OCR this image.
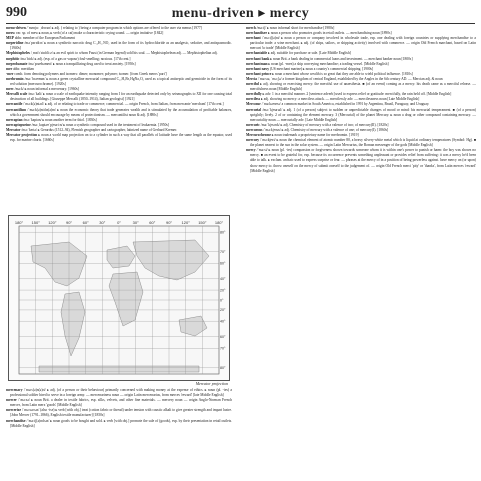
990	menu-driven ▸ mercy

menu-driven /ˈmɛnjuː ˌdrɪvən/ ▸ adj. ( relating to ) being a computer program in which options are offered to the user via menus [1977]

meow var. sp. of mew ▸ noun, ▸ verb (of a cat) make a characteristic crying sound. — origin imitative [1842]

MEP abbr. member of the European Parliament

meperidine /məˈpɛrɪdiːn/ ▸ noun a synthetic narcotic drug C₁₅H₂₁NO₂ used in the form of its hydrochloride as an analgesic, sedative, and antispasmodic. [1940s]

Mephistopheles /ˌmɛfɪˈstɒfɪliːz/ ▸ an evil spirit to whom Faust (in German legend) sold his soul. — Mephistophelean adj. — Mephistophelian adj.

mephitic /məˈfɪtɪk/ ▸ adj. (esp. of a gas or vapour) foul-smelling; noxious. [17th cent.]

meprobamate /məˈprəʊbəmeɪt/ ▸ noun a tranquillizing drug used to treat anxiety. [1950s]

mer abbr. meridian

-mer comb. form denoting polymers and isomers: dimer; monomer; polymer; isomer. [from Greek meros 'part']

merbromin /məːˈbrəʊmɪn/ ▸ noun a green crystalline mercurial compound C₂₀H₈Br₂HgNa₂O₆ used as a topical antiseptic and germicide in the form of its red solution (mercurochrome). [1920s]

merc /məːk/ ▸ noun informal a mercenary. [1960s]

Mercalli scale /məːˈkali/ ▸ noun a scale of earthquake intensity ranging from I for an earthquake detected only by seismographs to XII for one causing total destruction of all buildings. [Giuseppe Mercalli (1850–1914), Italian geologist] [1921]

mercantile /ˈməːk(ə)ntʌɪl/ ▸ adj. of or relating to trade or commerce; commercial. — origin French, from Italian, from mercante 'merchant' [17th cent.]

mercantilism /ˈməːk(ə)ntɪlɪz(ə)m/ ▸ noun the economic theory that trade generates wealth and is stimulated by the accumulation of profitable balances, which a government should encourage by means of protectionism. — mercantilist noun & adj. [1880s]

mercaptan /məːˈkaptan/ ▸ noun another term for thiol. [1830s]

mercaptopurine /məːˌkaptəʊˈpjʊəriːn/ ▸ noun a synthetic compound used in the treatment of leukaemia. [1950s]

Mercator /məːˈkeɪtə/ ▸ Gerardus (1512–94), Flemish geographer and cartographer, latinized name of Gerhard Kremer.

Mercator projection ▸ noun a world map projection on to a cylinder in such a way that all parallels of latitude have the same length as the equator, used esp. for marine charts. [1660s]

180° 150° 120° 90°	60°	30°	0°	30°	60°	90° 120° 150° 180°
80°
70°
60°
40°
20°
0°
20°
40°
60°
70°
80°
Mercator projection

mercenary /ˈməːs(ə)n(ə)ri/ ▸ adj. (of a person or their behaviour) primarily concerned with making money at the expense of ethics. ▸ noun (pl. -ies) a professional soldier hired to serve in a foreign army. — mercenariness noun — origin Latin mercenarius, from merces 'reward' [late Middle English]

mercer /ˈməːsə/ ▸ noun Brit. a dealer in textile fabrics, esp. silks, velvets, and other fine materials. — mercery noun — origin Anglo-Norman French mercer, from Latin merx 'goods' [Middle English]

mercerize /ˈməːsərʌɪz/ (also -ise) ▸ verb [with obj.] treat (cotton fabric or thread) under tension with caustic alkali to give greater strength and impart lustre. [John Mercer (1791–1866), English textile manufacturer] [1850s]

merchandise /ˈməːtʃ(ə)ndʌɪz/ ▸ noun goods to be bought and sold. ▸ verb [with obj.] promote the sale of (goods), esp. by their presentation in retail outlets. [Middle English]

merch /məːtʃ/ ▸ noun informal short for merchandise [1980s]

merchandiser ▸ noun a person who promotes goods in retail outlets. — merchandising noun [1890s]

merchant /ˈməːtʃ(ə)nt/ ▸ noun a person or company involved in wholesale trade, esp. one dealing with foreign countries or supplying merchandise to a particular trade: a wine merchant. ▸ adj. (of ships, sailors, or shipping activity) involved with commerce. — origin Old French marchant, based on Latin mercari 'to trade' [Middle English]

merchantable ▸ adj. suitable for purchase or sale. [Late Middle English]

merchant bank ▸ noun Brit. a bank dealing in commercial loans and investment. — merchant banker noun [1800s]

merchantman ▸ noun (pl. -men) a ship conveying merchandise; a trading vessel. [Middle English]

merchant navy (US merchant marine) ▸ noun a country's commercial shipping. [1900s]

merchant prince ▸ noun a merchant whose wealth is so great that they are able to wield political influence. [1810s]

Mercia /ˈməːsɪə, ˈməːʃə/ a former kingdom of central England, established by the Angles in the 6th century AD. — Mercian adj. & noun

merciful ▸ adj. showing or exercising mercy: the merciful use of anaesthesia. ■ (of an event) coming as a mercy: his death came as a merciful release. — mercifulness noun [Middle English]

mercifully ▸ adv. 1 in a merciful manner. 2 [sentence adverb] used to express relief or gratitude: mercifully, the rain held off. [Middle English]

merciless ▸ adj. showing no mercy: a merciless attack. — mercilessly adv. — mercilessness noun [Late Middle English]

Mercosur /ˈməːkəʊsʊə/ a common market in South America, established in 1991 by Argentina, Brazil, Paraguay, and Uruguay.

mercurial /məːˈkjʊərɪəl/ ▸ adj. 1 (of a person) subject to sudden or unpredictable changes of mood or mind: his mercurial temperament. ■ (of a person) sprightly; lively. 2 of or containing the element mercury. 3 (Mercurial) of the planet Mercury. ▸ noun a drug or other compound containing mercury. — mercuriality noun — mercurially adv. [Late Middle English]

mercuric /məːˈkjʊərɪk/ ▸ adj. Chemistry of mercury with a valence of two; of mercury(II). [1820s]

mercurous /ˈməːkjʊrəs/ ▸ adj. Chemistry of mercury with a valence of one; of mercury(I). [1860s]

Mercurochrome ▸ noun trademark a proprietary name for merbromin. [1919]

mercury /ˈməːkjʊri/ ▸ noun the chemical element of atomic number 80, a heavy silvery-white metal which is liquid at ordinary temperatures (Symbol: Hg). ■ the planet nearest to the sun in the solar system. — origin Latin Mercurius, the Roman messenger of the gods [Middle English]

mercy /ˈməːsi/ ▸ noun (pl. -ies) compassion or forgiveness shown towards someone whom it is within one's power to punish or harm: the boy was shown no mercy. ■ an event to be grateful for, esp. because its occurrence prevents something unpleasant or provides relief from suffering: it was a mercy he'd been able to talk. ▸ exclam. archaic used to express surprise or fear. — phrases at the mercy of in a position of being powerless against. have mercy on (or upon) show mercy to. throw oneself on the mercy of submit oneself to the judgement of. — origin Old French merci 'pity' or 'thanks', from Latin merces 'reward' [Middle English]
